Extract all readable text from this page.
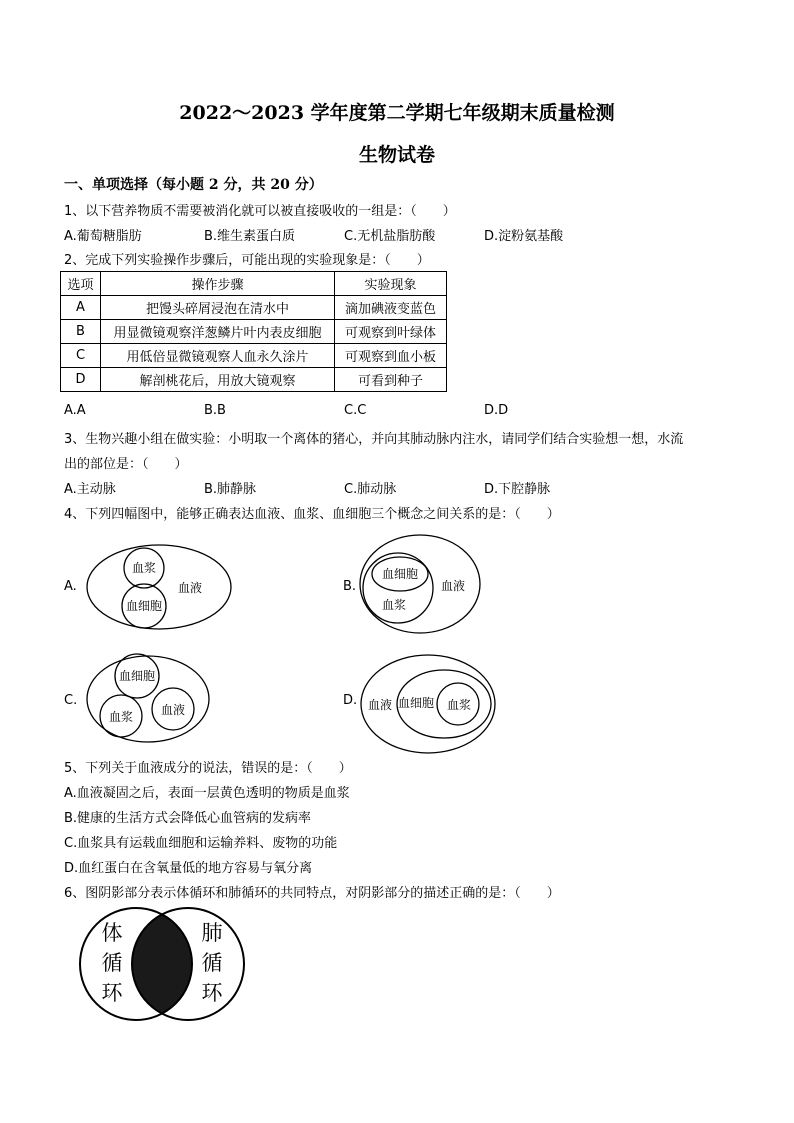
2022～2023 学年度第二学期七年级期末质量检测
生物试卷
一、单项选择（每小题 2 分，共 20 分）
1、以下营养物质不需要被消化就可以被直接吸收的一组是：（　　）
A.葡萄糖脂肪	B.维生素蛋白质	C.无机盐脂肪酸	D.淀粉氨基酸
2、完成下列实验操作步骤后，可能出现的实验现象是：（　　）
选项	操作步骤	实验现象
A	把馒头碎屑浸泡在清水中	滴加碘液变蓝色
B	用显微镜观察洋葱鳞片叶内表皮细胞	可观察到叶绿体
C	用低倍显微镜观察人血永久涂片	可观察到血小板
D	解剖桃花后，用放大镜观察	可看到种子
A.A	B.B	C.C	D.D
3、生物兴趣小组在做实验：小明取一个离体的猪心，并向其肺动脉内注水，请同学们结合实验想一想，水流
出的部位是：（　　）
A.主动脉	B.肺静脉	C.肺动脉	D.下腔静脉
4、下列四幅图中，能够正确表达血液、血浆、血细胞三个概念之间关系的是：（　　）
A.
血浆
血液
血细胞
B.
血细胞
血液
血浆
C.
血细胞
血浆 血液
D. 血液 血细胞 血浆
5、下列关于血液成分的说法，错误的是：（　　）
A.血液凝固之后，表面一层黄色透明的物质是血浆
B.健康的生活方式会降低心血管病的发病率
C.血浆具有运载血细胞和运输养料、废物的功能
D.血红蛋白在含氧量低的地方容易与氧分离
6、图阴影部分表示体循环和肺循环的共同特点，对阴影部分的描述正确的是：（　　）
体
循
环
肺
循
环
